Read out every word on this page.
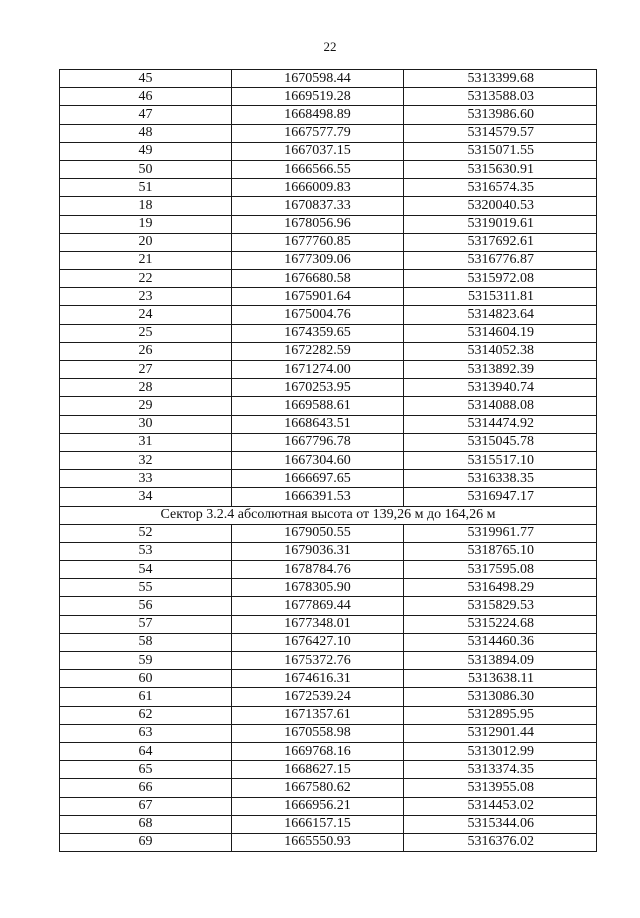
22
45	1670598.44	5313399.68
46	1669519.28	5313588.03
47	1668498.89	5313986.60
48	1667577.79	5314579.57
49	1667037.15	5315071.55
50	1666566.55	5315630.91
51	1666009.83	5316574.35
18	1670837.33	5320040.53
19	1678056.96	5319019.61
20	1677760.85	5317692.61
21	1677309.06	5316776.87
22	1676680.58	5315972.08
23	1675901.64	5315311.81
24	1675004.76	5314823.64
25	1674359.65	5314604.19
26	1672282.59	5314052.38
27	1671274.00	5313892.39
28	1670253.95	5313940.74
29	1669588.61	5314088.08
30	1668643.51	5314474.92
31	1667796.78	5315045.78
32	1667304.60	5315517.10
33	1666697.65	5316338.35
34	1666391.53	5316947.17
Сектор 3.2.4 абсолютная высота от 139,26 м до 164,26 м		
52	1679050.55	5319961.77
53	1679036.31	5318765.10
54	1678784.76	5317595.08
55	1678305.90	5316498.29
56	1677869.44	5315829.53
57	1677348.01	5315224.68
58	1676427.10	5314460.36
59	1675372.76	5313894.09
60	1674616.31	5313638.11
61	1672539.24	5313086.30
62	1671357.61	5312895.95
63	1670558.98	5312901.44
64	1669768.16	5313012.99
65	1668627.15	5313374.35
66	1667580.62	5313955.08
67	1666956.21	5314453.02
68	1666157.15	5315344.06
69	1665550.93	5316376.02
